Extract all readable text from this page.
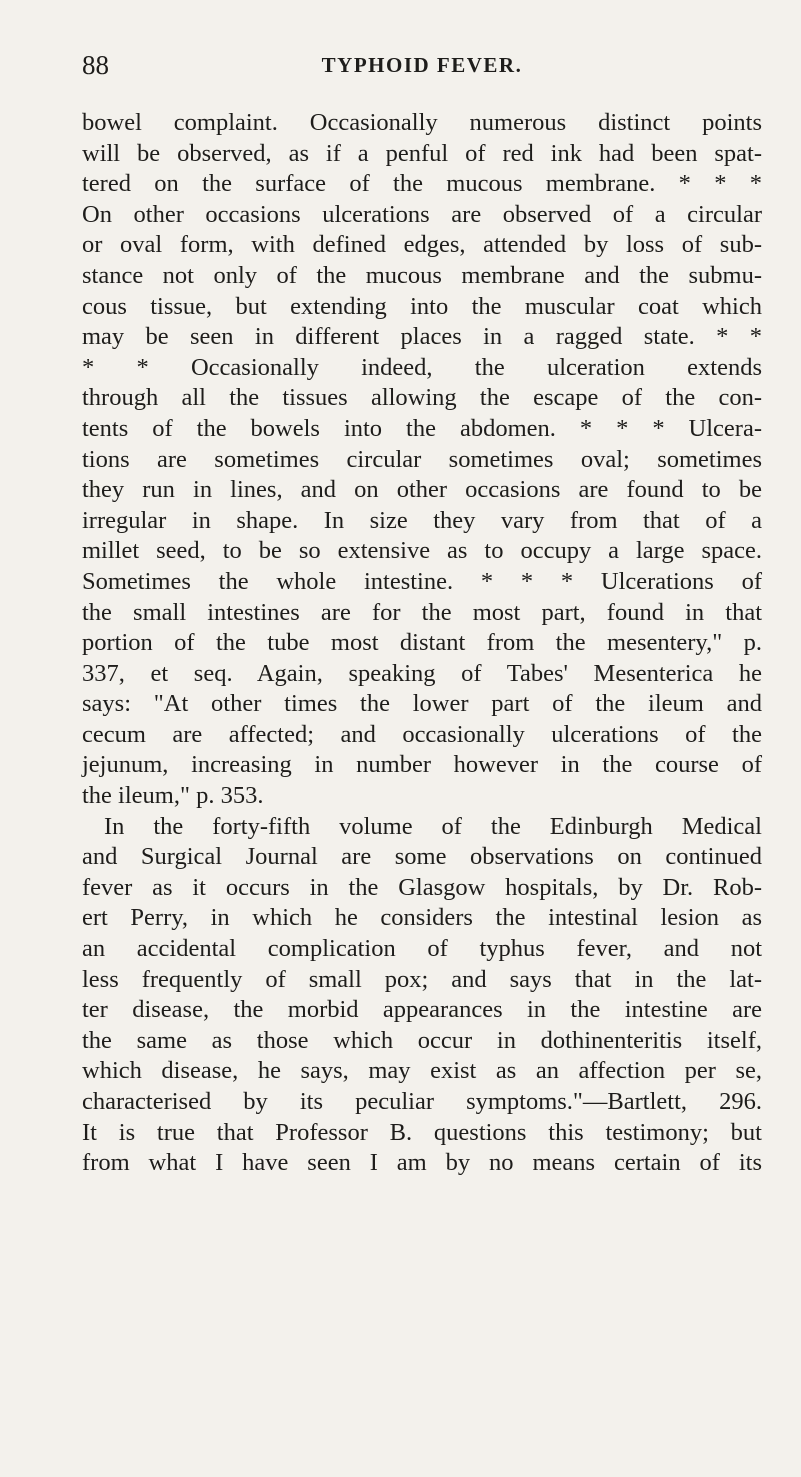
88	TYPHOID FEVER.
bowel complaint. Occasionally numerous distinct points
will be observed, as if a penful of red ink had been spat-
tered on the surface of the mucous membrane. * * *
On other occasions ulcerations are observed of a circular
or oval form, with defined edges, attended by loss of sub-
stance not only of the mucous membrane and the submu-
cous tissue, but extending into the muscular coat which
may be seen in different places in a ragged state. * *
* * Occasionally indeed, the ulceration extends
through all the tissues allowing the escape of the con-
tents of the bowels into the abdomen. * * * Ulcera-
tions are sometimes circular sometimes oval; sometimes
they run in lines, and on other occasions are found to be
irregular in shape. In size they vary from that of a
millet seed, to be so extensive as to occupy a large space.
Sometimes the whole intestine. * * * Ulcerations of
the small intestines are for the most part, found in that
portion of the tube most distant from the mesentery," p.
337, et seq. Again, speaking of Tabes' Mesenterica he
says: "At other times the lower part of the ileum and
cecum are affected; and occasionally ulcerations of the
jejunum, increasing in number however in the course of
the ileum," p. 353.
In the forty-fifth volume of the Edinburgh Medical
and Surgical Journal are some observations on continued
fever as it occurs in the Glasgow hospitals, by Dr. Rob-
ert Perry, in which he considers the intestinal lesion as
an accidental complication of typhus fever, and not
less frequently of small pox; and says that in the lat-
ter disease, the morbid appearances in the intestine are
the same as those which occur in dothinenteritis itself,
which disease, he says, may exist as an affection per se,
characterised by its peculiar symptoms."—Bartlett, 296.
It is true that Professor B. questions this testimony; but
from what I have seen I am by no means certain of its
